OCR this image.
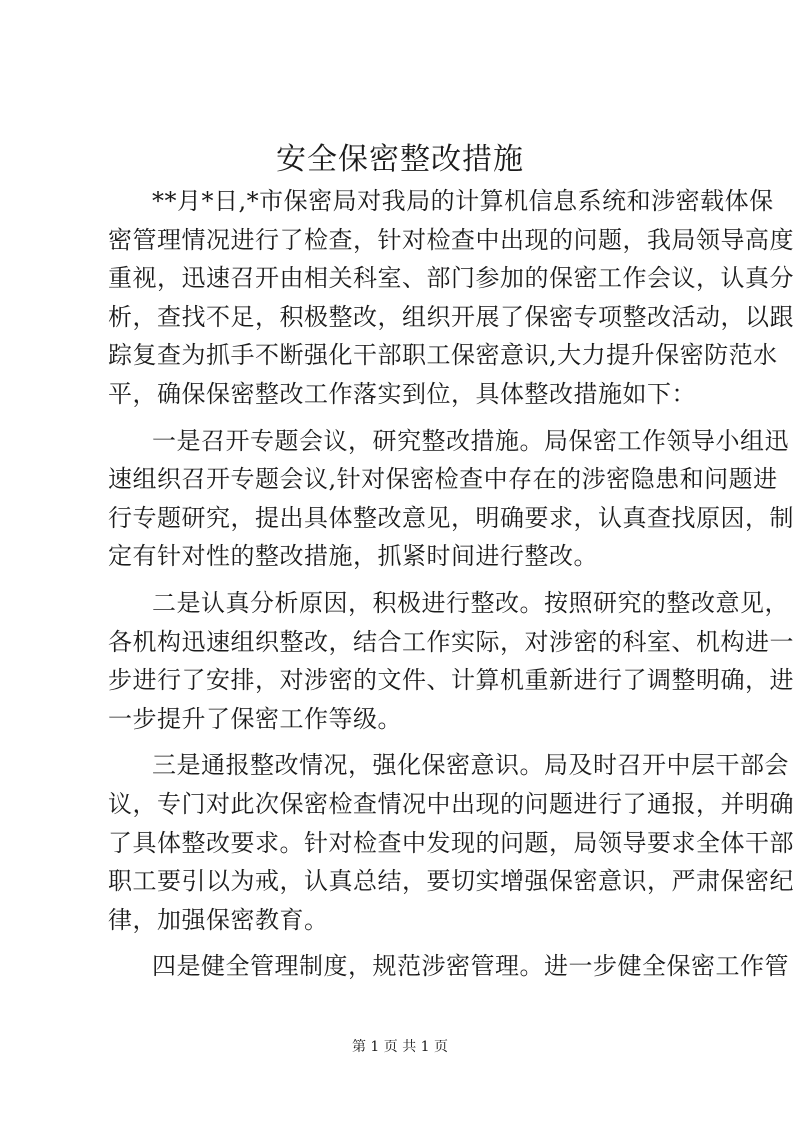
安全保密整改措施

**月*日,*市保密局对我局的计算机信息系统和涉密载体保
密管理情况进行了检查，针对检查中出现的问题，我局领导高度
重视，迅速召开由相关科室、部门参加的保密工作会议，认真分
析，查找不足，积极整改，组织开展了保密专项整改活动，以跟
踪复查为抓手不断强化干部职工保密意识,大力提升保密防范水
平，确保保密整改工作落实到位，具体整改措施如下：

一是召开专题会议，研究整改措施。局保密工作领导小组迅
速组织召开专题会议,针对保密检查中存在的涉密隐患和问题进
行专题研究，提出具体整改意见，明确要求，认真查找原因，制
定有针对性的整改措施，抓紧时间进行整改。

二是认真分析原因，积极进行整改。按照研究的整改意见，
各机构迅速组织整改，结合工作实际，对涉密的科室、机构进一
步进行了安排，对涉密的文件、计算机重新进行了调整明确，进
一步提升了保密工作等级。

三是通报整改情况，强化保密意识。局及时召开中层干部会
议，专门对此次保密检查情况中出现的问题进行了通报，并明确
了具体整改要求。针对检查中发现的问题，局领导要求全体干部
职工要引以为戒，认真总结，要切实增强保密意识，严肃保密纪
律，加强保密教育。

四是健全管理制度，规范涉密管理。进一步健全保密工作管

第 1 页 共 1 页
